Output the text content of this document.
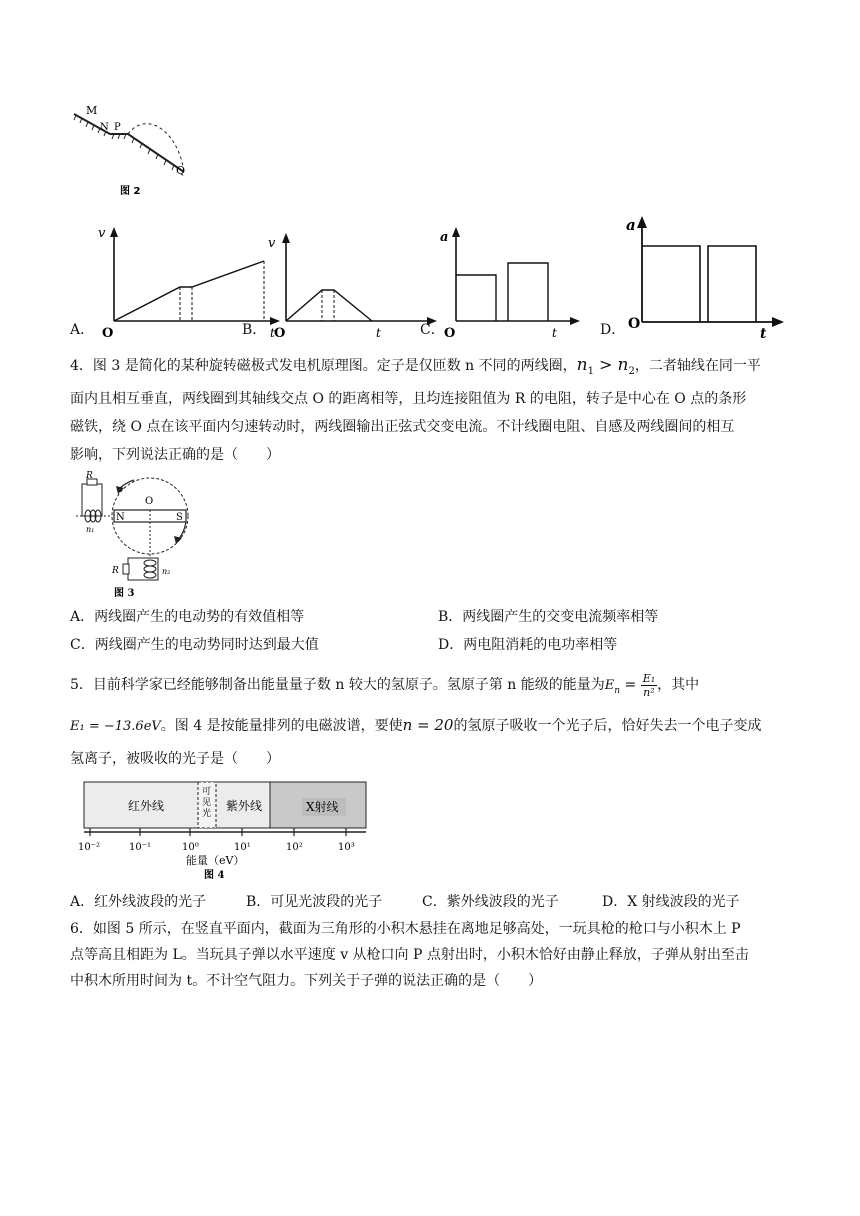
M
N P
Q
图 2
A．
v
O	t
B．
v
O	t	C．
a
O	t	D．
a
O
t
4．图 3 是简化的某种旋转磁极式发电机原理图。定子是仅匝数 n 不同的两线圈，$n_1 > n_2$，二者轴线在同一平
面内且相互垂直，两线圈到其轴线交点 O 的距离相等，且均连接阻值为 R 的电阻，转子是中心在 O 点的条形
磁铁，绕 O 点在该平面内匀速转动时，两线圈输出正弦式交变电流。不计线圈电阻、自感及两线圈间的相互
影响，下列说法正确的是（　　）
N	S
O
R
n₁
R	n₂
图 3
A．两线圈产生的电动势的有效值相等	B．两线圈产生的交变电流频率相等
C．两线圈产生的电动势同时达到最大值	D．两电阻消耗的电功率相等
5．目前科学家已经能够制备出能量量子数 n 较大的氢原子。氢原子第 n 能级的能量为$E_n = \frac{\text{E₁}}{\text{n²}}$ ，其中
E₁ = −13.6eV。图 4 是按能量排列的电磁波谱，要使n = 20的氢原子吸收一个光子后，恰好失去一个电子变成
氢离子，被吸收的光子是（　　）
红外线
可见光
紫外线	X射线
10⁻²	10⁻¹	10⁰	10¹	10²	10³
能量（eV）
图 4
A．红外线波段的光子	B．可见光波段的光子	C．紫外线波段的光子	D．X 射线波段的光子
6．如图 5 所示，在竖直平面内，截面为三角形的小积木悬挂在离地足够高处，一玩具枪的枪口与小积木上 P
点等高且相距为 L。当玩具子弹以水平速度 v 从枪口向 P 点射出时，小积木恰好由静止释放，子弹从射出至击
中积木所用时间为 t。不计空气阻力。下列关于子弹的说法正确的是（　　）
